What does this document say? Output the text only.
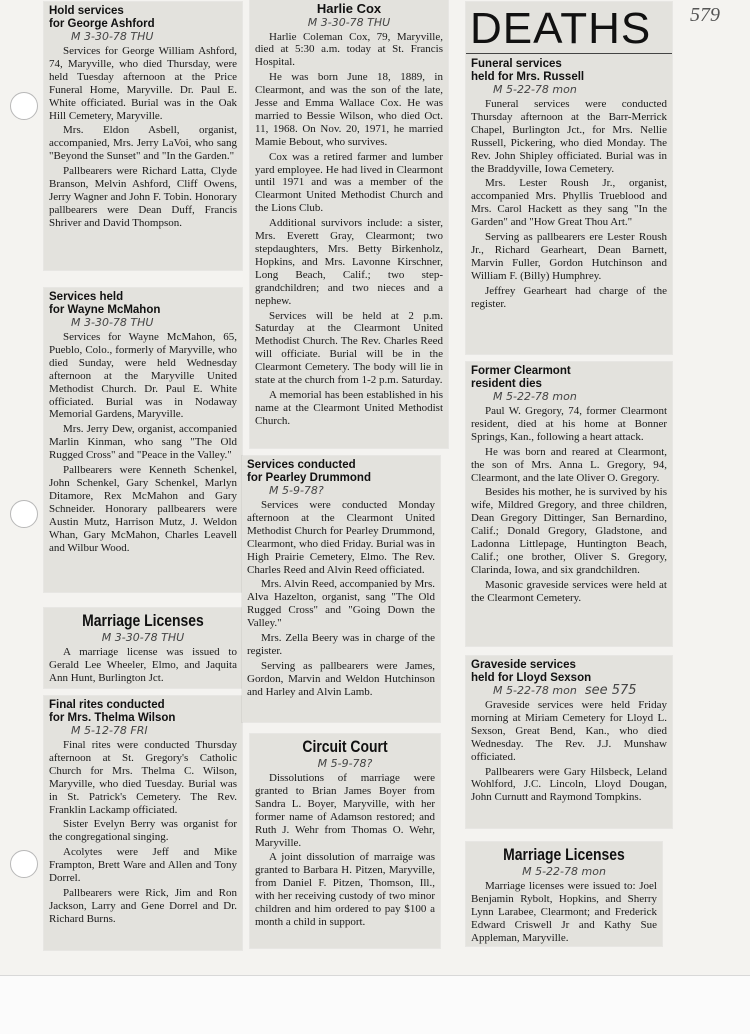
579
Hold services
for George Ashford
M 3-30-78 THU

Services for George William Ashford, 74, Maryville, who died Thursday, were held Tuesday afternoon at the Price Funeral Home, Maryville. Dr. Paul E. White officiated. Burial was in the Oak Hill Cemetery, Maryville.

Mrs. Eldon Asbell, organist, accompanied, Mrs. Jerry LaVoi, who sang "Beyond the Sunset" and "In the Garden."

Pallbearers were Richard Latta, Clyde Branson, Melvin Ashford, Cliff Owens, Jerry Wagner and John F. Tobin. Honorary pallbearers were Dean Duff, Francis Shriver and David Thompson.

Services held
for Wayne McMahon
M 3-30-78 THU

Services for Wayne McMahon, 65, Pueblo, Colo., formerly of Maryville, who died Sunday, were held Wednesday afternoon at the Maryville United Methodist Church. Dr. Paul E. White officiated. Burial was in Nodaway Memorial Gardens, Maryville.

Mrs. Jerry Dew, organist, accompanied Marlin Kinman, who sang "The Old Rugged Cross" and "Peace in the Valley."

Pallbearers were Kenneth Schenkel, John Schenkel, Gary Schenkel, Marlyn Ditamore, Rex McMahon and Gary Schneider. Honorary pallbearers were Austin Mutz, Harrison Mutz, J. Weldon Whan, Gary McMahon, Charles Leavell and Wilbur Wood.

Marriage Licenses
M 3-30-78 THU

A marriage license was issued to Gerald Lee Wheeler, Elmo, and Jaquita Ann Hunt, Burlington Jct.

Final rites conducted
for Mrs. Thelma Wilson
M 5-12-78 FRI

Final rites were conducted Thursday afternoon at St. Gregory's Catholic Church for Mrs. Thelma C. Wilson, Maryville, who died Tuesday. Burial was in St. Patrick's Cemetery. The Rev. Franklin Lackamp officiated.

Sister Evelyn Berry was organist for the congregational singing.

Acolytes were Jeff and Mike Frampton, Brett Ware and Allen and Tony Dorrel.

Pallbearers were Rick, Jim and Ron Jackson, Larry and Gene Dorrel and Dr. Richard Burns.

Harlie Cox
M 3-30-78 THU

Harlie Coleman Cox, 79, Maryville, died at 5:30 a.m. today at St. Francis Hospital.

He was born June 18, 1889, in Clearmont, and was the son of the late, Jesse and Emma Wallace Cox. He was married to Bessie Wilson, who died Oct. 11, 1968. On Nov. 20, 1971, he married Mamie Bebout, who survives.

Cox was a retired farmer and lumber yard employee. He had lived in Clearmont until 1971 and was a member of the Clearmont United Methodist Church and the Lions Club.

Additional survivors include: a sister, Mrs. Everett Gray, Clearmont; two stepdaughters, Mrs. Betty Birkenholz, Hopkins, and Mrs. Lavonne Kirschner, Long Beach, Calif.; two step-grandchildren; and two nieces and a nephew.

Services will be held at 2 p.m. Saturday at the Clearmont United Methodist Church. The Rev. Charles Reed will officiate. Burial will be in the Clearmont Cemetery. The body will lie in state at the church from 1-2 p.m. Saturday.

A memorial has been established in his name at the Clearmont United Methodist Church.

Services conducted
for Pearley Drummond
M 5-9-78?

Services were conducted Monday afternoon at the Clearmont United Methodist Church for Pearley Drummond, Clearmont, who died Friday. Burial was in High Prairie Cemetery, Elmo. The Rev. Charles Reed and Alvin Reed officiated.

Mrs. Alvin Reed, accompanied by Mrs. Alva Hazelton, organist, sang "The Old Rugged Cross" and "Going Down the Valley."

Mrs. Zella Beery was in charge of the register.

Serving as pallbearers were James, Gordon, Marvin and Weldon Hutchinson and Harley and Alvin Lamb.

Circuit Court
M 5-9-78?

Dissolutions of marriage were granted to Brian James Boyer from Sandra L. Boyer, Maryville, with her former name of Adamson restored; and Ruth J. Wehr from Thomas O. Wehr, Maryville.

A joint dissolution of marraige was granted to Barbara H. Pitzen, Maryville, from Daniel F. Pitzen, Thomson, Ill., with her receiving custody of two minor children and him ordered to pay $100 a month a child in support.

DEATHS
Funeral services
held for Mrs. Russell
M 5-22-78 mon

Funeral services were conducted Thursday afternoon at the Barr-Merrick Chapel, Burlington Jct., for Mrs. Nellie Russell, Pickering, who died Monday. The Rev. John Shipley officiated. Burial was in the Braddyville, Iowa Cemetery.

Mrs. Lester Roush Jr., organist, accompanied Mrs. Phyllis Trueblood and Mrs. Carol Hackett as they sang "In the Garden" and "How Great Thou Art."

Serving as pallbearers ere Lester Roush Jr., Richard Gearheart, Dean Barnett, Marvin Fuller, Gordon Hutchinson and William F. (Billy) Humphrey.

Jeffrey Gearheart had charge of the register.

Former Clearmont
resident dies
M 5-22-78 mon

Paul W. Gregory, 74, former Clearmont resident, died at his home at Bonner Springs, Kan., following a heart attack.

He was born and reared at Clearmont, the son of Mrs. Anna L. Gregory, 94, Clearmont, and the late Oliver O. Gregory.

Besides his mother, he is survived by his wife, Mildred Gregory, and three children, Dean Gregory Dittinger, San Bernardino, Calif.; Donald Gregory, Gladstone, and Ladonna Littlepage, Huntington Beach, Calif.; one brother, Oliver S. Gregory, Clarinda, Iowa, and six grandchildren.

Masonic graveside services were held at the Clearmont Cemetery.

Graveside services
held for Lloyd Sexson
M 5-22-78 mon see 575

Graveside services were held Friday morning at Miriam Cemetery for Lloyd L. Sexson, Great Bend, Kan., who died Wednesday. The Rev. J.J. Munshaw officiated.

Pallbearers were Gary Hilsbeck, Leland Wohlford, J.C. Lincoln, Lloyd Dougan, John Curnutt and Raymond Tompkins.

Marriage Licenses
M 5-22-78 mon

Marriage licenses were issued to: Joel Benjamin Rybolt, Hopkins, and Sherry Lynn Larabee, Clearmont; and Frederick Edward Criswell Jr and Kathy Sue Appleman, Maryville.
